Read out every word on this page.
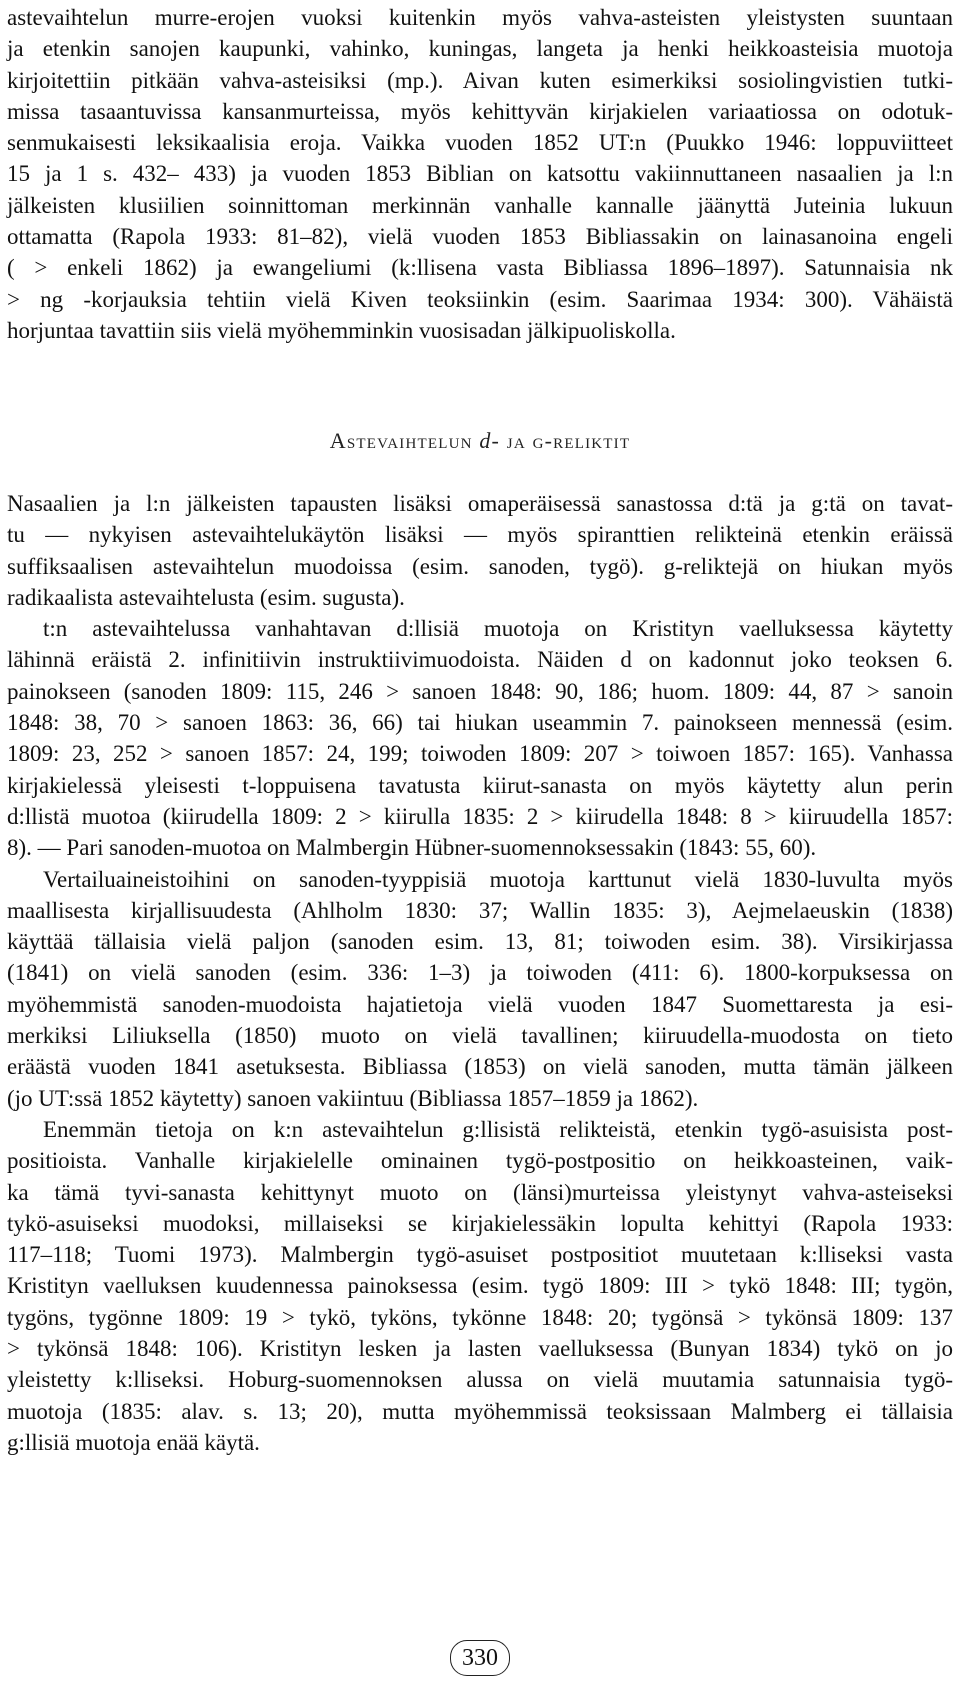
astevaihtelun murre-erojen vuoksi kuitenkin myös vahva-asteisten yleistysten suuntaan

ja etenkin sanojen kaupunki, vahinko, kuningas, langeta ja henki heikkoasteisia muotoja

kirjoitettiin pitkään vahva-asteisiksi (mp.). Aivan kuten esimerkiksi sosiolingvistien tutki-

missa tasaantuvissa kansanmurteissa, myös kehittyvän kirjakielen variaatiossa on odotuk-

senmukaisesti leksikaalisia eroja. Vaikka vuoden 1852 UT:n (Puukko 1946: loppuviitteet

15 ja 1 s. 432– 433) ja vuoden 1853 Biblian on katsottu vakiinnuttaneen nasaalien ja l:n

jälkeisten klusiilien soinnittoman merkinnän vanhalle kannalle jäänyttä Juteinia lukuun

ottamatta (Rapola 1933: 81–82), vielä vuoden 1853 Bibliassakin on lainasanoina engeli

( > enkeli 1862) ja ewangeliumi (k:llisena vasta Bibliassa 1896–1897). Satunnaisia nk

> ng -korjauksia tehtiin vielä Kiven teoksiinkin (esim. Saarimaa 1934: 300). Vähäistä

horjuntaa tavattiin siis vielä myöhemminkin vuosisadan jälkipuoliskolla.

Astevaihtelun d- ja g-reliktit

Nasaalien ja l:n jälkeisten tapausten lisäksi omaperäisessä sanastossa d:tä ja g:tä on tavat-

tu — nykyisen astevaihtelukäytön lisäksi — myös spiranttien relikteinä etenkin eräissä

suffiksaalisen astevaihtelun muodoissa (esim. sanoden, tygö). g-reliktejä on hiukan myös

radikaalista astevaihtelusta (esim. sugusta).

t:n astevaihtelussa vanhahtavan d:llisiä muotoja on Kristityn vaelluksessa käytetty

lähinnä eräistä 2. infinitiivin instruktiivimuodoista. Näiden d on kadonnut joko teoksen 6.

painokseen (sanoden 1809: 115, 246 > sanoen 1848: 90, 186; huom. 1809: 44, 87 > sanoin

1848: 38, 70 > sanoen 1863: 36, 66) tai hiukan useammin 7. painokseen mennessä (esim.

1809: 23, 252 > sanoen 1857: 24, 199; toiwoden 1809: 207 > toiwoen 1857: 165). Vanhassa

kirjakielessä yleisesti t-loppuisena tavatusta kiirut-sanasta on myös käytetty alun perin

d:llistä muotoa (kiirudella 1809: 2 > kiirulla 1835: 2 > kiirudella 1848: 8 > kiiruudella 1857:

8). — Pari sanoden-muotoa on Malmbergin Hübner-suomennoksessakin (1843: 55, 60).

Vertailuaineistoihini on sanoden-tyyppisiä muotoja karttunut vielä 1830-luvulta myös

maallisesta kirjallisuudesta (Ahlholm 1830: 37; Wallin 1835: 3), Aejmelaeuskin (1838)

käyttää tällaisia vielä paljon (sanoden esim. 13, 81; toiwoden esim. 38). Virsikirjassa

(1841) on vielä sanoden (esim. 336: 1–3) ja toiwoden (411: 6). 1800-korpuksessa on

myöhemmistä sanoden-muodoista hajatietoja vielä vuoden 1847 Suomettaresta ja esi-

merkiksi Liliuksella (1850) muoto on vielä tavallinen; kiiruudella-muodosta on tieto

eräästä vuoden 1841 asetuksesta. Bibliassa (1853) on vielä sanoden, mutta tämän jälkeen

(jo UT:ssä 1852 käytetty) sanoen vakiintuu (Bibliassa 1857–1859 ja 1862).

Enemmän tietoja on k:n astevaihtelun g:llisistä relikteistä, etenkin tygö-asuisista post-

positioista. Vanhalle kirjakielelle ominainen tygö-postpositio on heikkoasteinen, vaik-

ka tämä tyvi-sanasta kehittynyt muoto on (länsi)murteissa yleistynyt vahva-asteiseksi

tykö-asuiseksi muodoksi, millaiseksi se kirjakielessäkin lopulta kehittyi (Rapola 1933:

117–118; Tuomi 1973). Malmbergin tygö-asuiset postpositiot muutetaan k:lliseksi vasta

Kristityn vaelluksen kuudennessa painoksessa (esim. tygö 1809: III > tykö 1848: III; tygön,

tygöns, tygönne 1809: 19 > tykö, tyköns, tykönne 1848: 20; tygönsä > tykönsä 1809: 137

> tykönsä 1848: 106). Kristityn lesken ja lasten vaelluksessa (Bunyan 1834) tykö on jo

yleistetty k:lliseksi. Hoburg-suomennoksen alussa on vielä muutamia satunnaisia tygö-

muotoja (1835: alav. s. 13; 20), mutta myöhemmissä teoksissaan Malmberg ei tällaisia

g:llisiä muotoja enää käytä.

330
